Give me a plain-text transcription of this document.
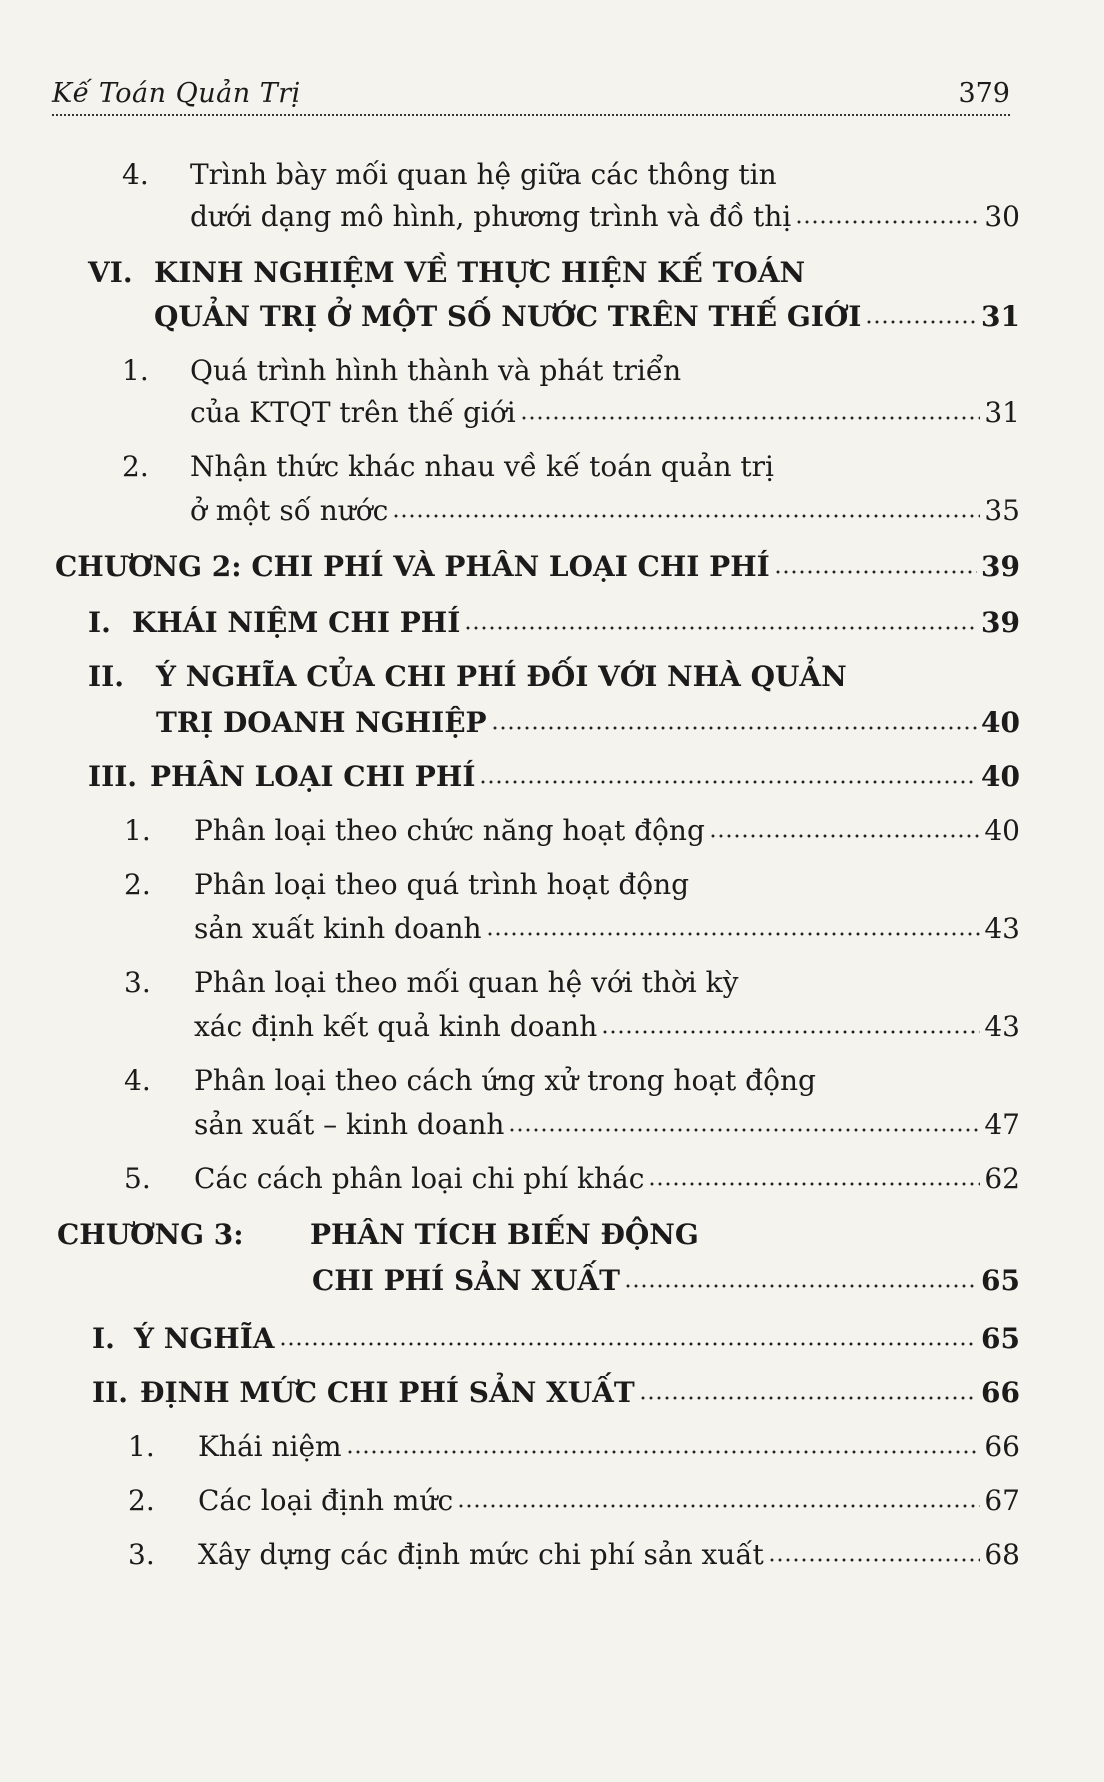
Kế Toán Quản Trị	379
4. Trình bày mối quan hệ giữa các thông tin
dưới dạng mô hình, phương trình và đồ thị	30
VI. KINH NGHIỆM VỀ THỰC HIỆN KẾ TOÁN
QUẢN TRỊ Ở MỘT SỐ NƯỚC TRÊN THẾ GIỚI	31
1. Quá trình hình thành và phát triển
của KTQT trên thế giới	31
2. Nhận thức khác nhau về kế toán quản trị
ở một số nước	35
CHƯƠNG 2: CHI PHÍ VÀ PHÂN LOẠI CHI PHÍ	39
I. KHÁI NIỆM CHI PHÍ	39
II. Ý NGHĨA CỦA CHI PHÍ ĐỐI VỚI NHÀ QUẢN
TRỊ DOANH NGHIỆP	40
III. PHÂN LOẠI CHI PHÍ	40
1. Phân loại theo chức năng hoạt động	40
2. Phân loại theo quá trình hoạt động
sản xuất kinh doanh	43
3. Phân loại theo mối quan hệ với thời kỳ
xác định kết quả kinh doanh	43
4. Phân loại theo cách ứng xử trong hoạt động
sản xuất – kinh doanh	47
5. Các cách phân loại chi phí khác	62
CHƯƠNG 3: PHÂN TÍCH BIẾN ĐỘNG
CHI PHÍ SẢN XUẤT	65
I. Ý NGHĨA	65
II. ĐỊNH MỨC CHI PHÍ SẢN XUẤT	66
1. Khái niệm	66
2. Các loại định mức	67
3. Xây dựng các định mức chi phí sản xuất	68
